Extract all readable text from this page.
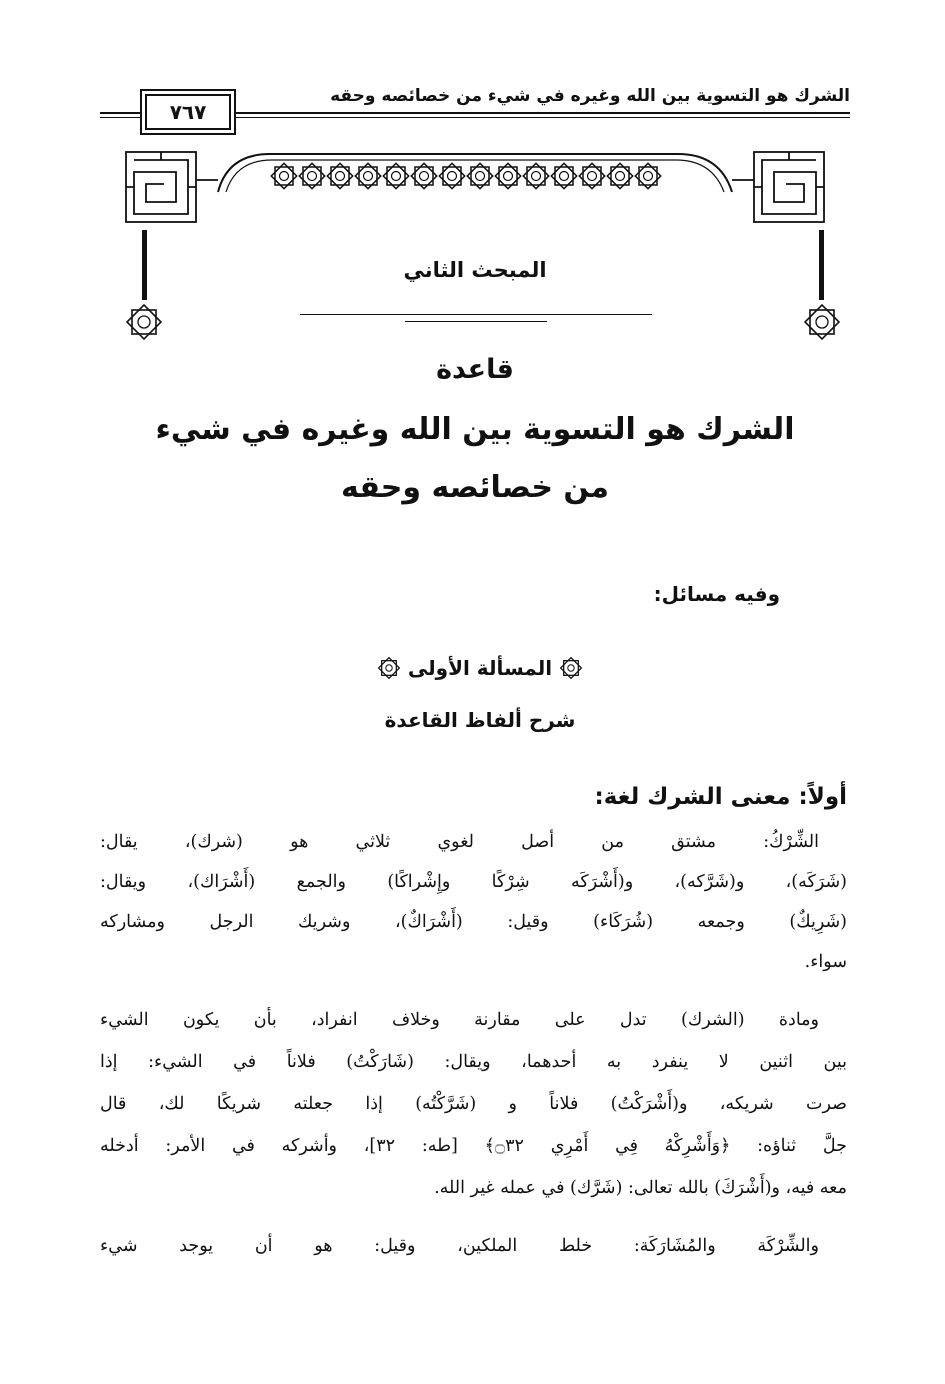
الشرك هو التسوية بين الله وغيره في شيء من خصائصه وحقه
٧٦٧
المبحث الثاني
قاعدة
الشرك هو التسوية بين الله وغيره في شيء
من خصائصه وحقه
وفيه مسائل:
المسألة الأولى
شرح ألفاظ القاعدة
أولاً: معنى الشرك لغة:
الشِّرْكُ: مشتق من أصل لغوي ثلاثي هو (شرك)، يقال:
(شَرَكَه)، و(شَرَّكه)، و(أَشْرَكَه شِرْكًا وإِشْراكًا) والجمع (أَشْرَاك)، ويقال:
(شَرِيكٌ) وجمعه (شُرَكَاء) وقيل: (أَشْرَاكٌ)، وشريك الرجل ومشاركه
سواء.
ومادة (الشرك) تدل على مقارنة وخلاف انفراد، بأن يكون الشيء
بين اثنين لا ينفرد به أحدهما، ويقال: (شَارَكْتُ) فلاناً في الشيء: إذا
صرت شريكه، و(أَشْرَكْتُ) فلاناً و (شَرَّكْتُه) إذا جعلته شريكًا لك، قال
جلَّ ثناؤه: ﴿وَأَشْرِكْهُ فِي أَمْرِي ۝٣٢﴾ [طه: ٣٢]، وأشركه في الأمر: أدخله
معه فيه، و(أَشْرَكَ) بالله تعالى: (شَرَّك) في عمله غير الله.
والشِّرْكَة والمُشَارَكَة: خلط الملكين، وقيل: هو أن يوجد شيء
